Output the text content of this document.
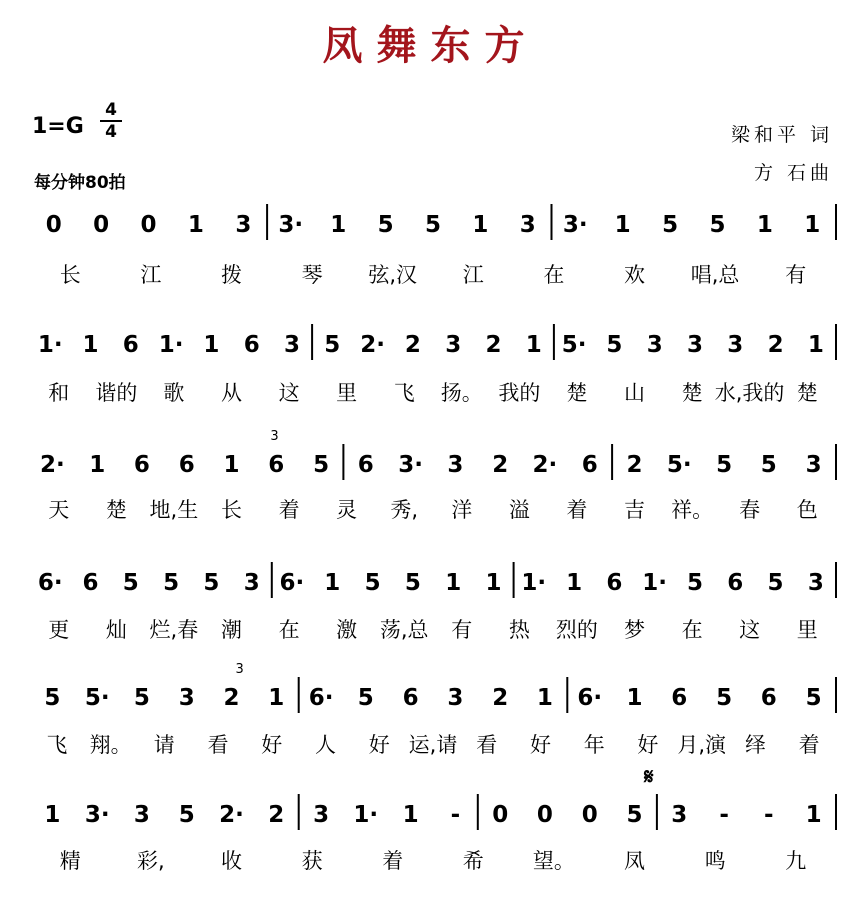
凤舞东方
1=G
4
4
每分钟80拍
梁和平 词
方 石曲
0 0 0 1 3 3· 1 5 5 1 3 3· 1 5 5 1 1
长	江	拨	琴 弦,汉 江	在	欢 唱,总 有
1· 1 6 1· 1 6 3 5 2· 2 3 2 1 5· 5 3 3 3 2 1
和 谐的 歌 从 这 里 飞 扬。 我的 楚 山 楚 水,我的 楚
2· 1 6 6 1 6 5 6 3· 3 2 2· 6 2 5· 5 5 3
3
天 楚 地,生 长 着 灵 秀, 洋 溢 着 吉 祥。 春 色
6· 6 5 5 5 3 6· 1 5 5 1 1 1· 1 6 1· 5 6 5 3
更 灿 烂,春 潮 在 激 荡,总 有 热 烈的 梦 在 这 里
5 5· 5 3 2 1 6· 5 6 3 2 1 6· 1 6 5 6 5
3
飞 翔。 请 看 好 人 好 运,请 看 好 年 好 月,演 绎 着
1 3· 3 5 2· 2 3 1· 1 - 0 0 0 5 3 - - 1
𝄋
精	彩,	收	获	着	希 望。 凤	鸣	九
